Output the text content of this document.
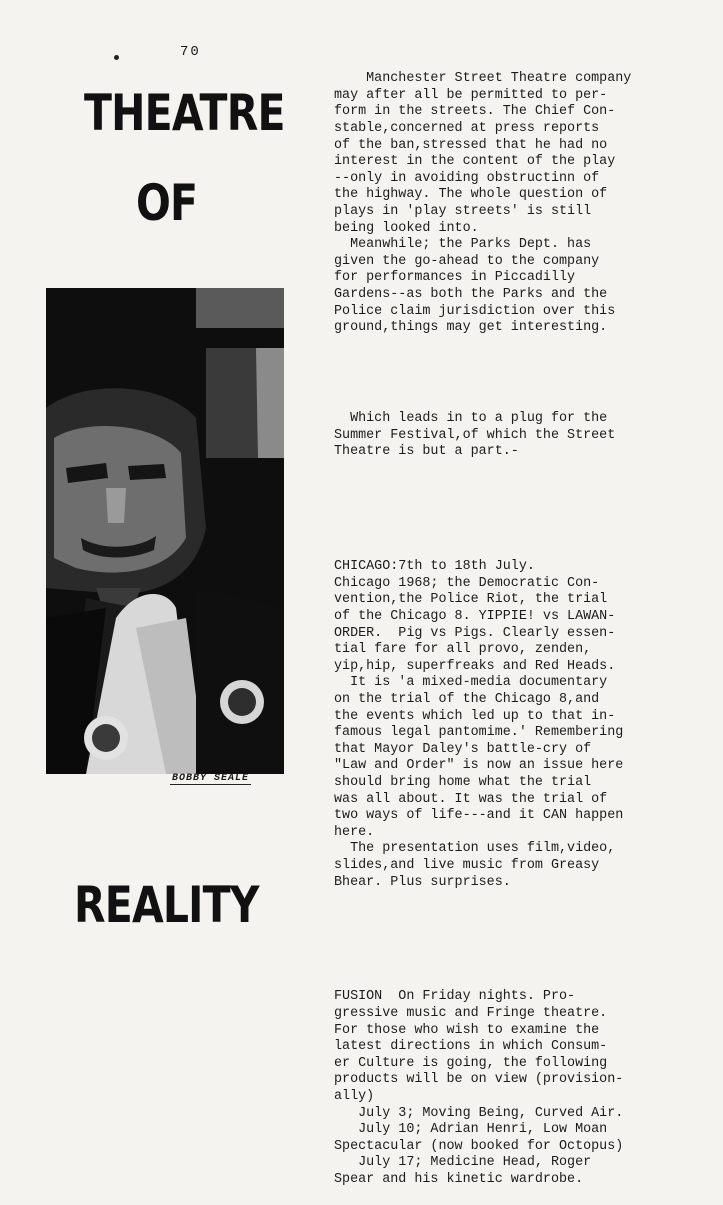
70
THEATRE
OF
BOBBY SEALE
REALITY

Manchester Street Theatre company
may after all be permitted to per-
form in the streets. The Chief Con-
stable,concerned at press reports
of the ban,stressed that he had no
interest in the content of the play
--only in avoiding obstructinn of
the highway. The whole question of
plays in 'play streets' is still
being looked into.
Meanwhile; the Parks Dept. has
given the go-ahead to the company
for performances in Piccadilly
Gardens--as both the Parks and the
Police claim jurisdiction over this
ground,things may get interesting.

Which leads in to a plug for the
Summer Festival,of which the Street
Theatre is but a part.-

CHICAGO:7th to 18th July.
Chicago 1968; the Democratic Con-
vention,the Police Riot, the trial
of the Chicago 8. YIPPIE! vs LAWAN-
ORDER.  Pig vs Pigs. Clearly essen-
tial fare for all provo, zenden,
yip,hip, superfreaks and Red Heads.
It is 'a mixed-media documentary
on the trial of the Chicago 8,and
the events which led up to that in-
famous legal pantomime.' Remembering
that Mayor Daley's battle-cry of
"Law and Order" is now an issue here
should bring home what the trial
was all about. It was the trial of
two ways of life---and it CAN happen
here.
The presentation uses film,video,
slides,and live music from Greasy
Bhear. Plus surprises.

FUSION  On Friday nights. Pro-
gressive music and Fringe theatre.
For those who wish to examine the
latest directions in which Consum-
er Culture is going, the following
products will be on view (provision-
ally)
July 3; Moving Being, Curved Air.
July 10; Adrian Henri, Low Moan
Spectacular (now booked for Octopus)
July 17; Medicine Head, Roger
Spear and his kinetic wardrobe.
